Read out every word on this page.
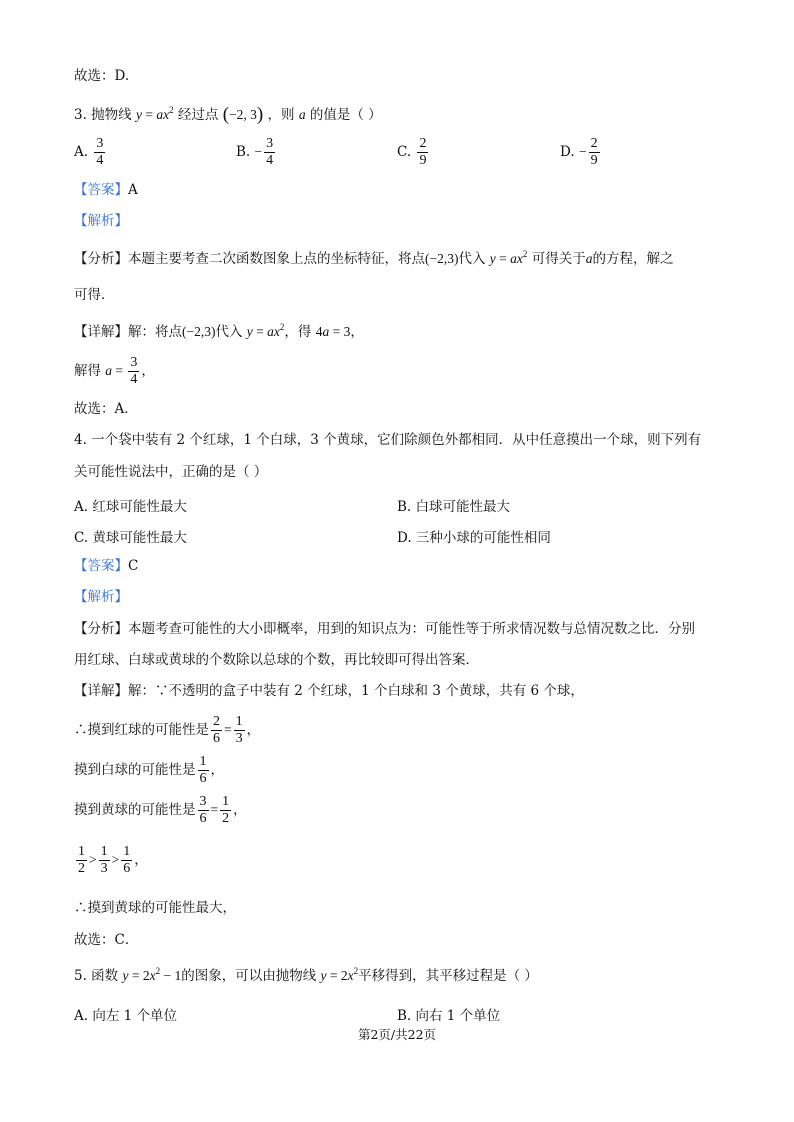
故选：D.
3. 抛物线 $y = ax^2$ 经过点 (−2, 3) ，则 a 的值是（ ）
A. $\frac{3}{4}$	B. − $\frac{3}{4}$	C. $\frac{2}{9}$	D. − $\frac{2}{9}$
【答案】A
【解析】
【分析】本题主要考查二次函数图象上点的坐标特征，将点(−2,3)代入 $y = ax^2$ 可得关于a的方程，解之
可得．
【详解】解：将点(−2,3)代入 $y = ax^2$，得 4a = 3，
解得 $a = \frac{3}{4}$ ，
故选：A．
4. 一个袋中装有 2 个红球，1 个白球，3 个黄球，它们除颜色外都相同．从中任意摸出一个球，则下列有
关可能性说法中，正确的是（ ）
A. 红球可能性最大	B. 白球可能性最大
C. 黄球可能性最大	D. 三种小球的可能性相同
【答案】C
【解析】
【分析】本题考查可能性的大小即概率，用到的知识点为：可能性等于所求情况数与总情况数之比．分别
用红球、白球或黄球的个数除以总球的个数，再比较即可得出答案．
【详解】解：∵不透明的盒子中装有 2 个红球，1 个白球和 3 个黄球，共有 6 个球，
∴摸到红球的可能性是 $\frac{2}{6} = \frac{1}{3}$ ，
摸到白球的可能性是 $\frac{1}{6}$ ，
摸到黄球的可能性是 $\frac{3}{6} = \frac{1}{2}$ ，
$\frac{1}{2} > \frac{1}{3} > \frac{1}{6}$ ，
∴摸到黄球的可能性最大，
故选：C．
5. 函数 $y = 2x^2 - 1$的图象，可以由抛物线 $y = 2x^2$平移得到，其平移过程是（ ）
A. 向左 1 个单位	B. 向右 1 个单位
第2页/共22页
